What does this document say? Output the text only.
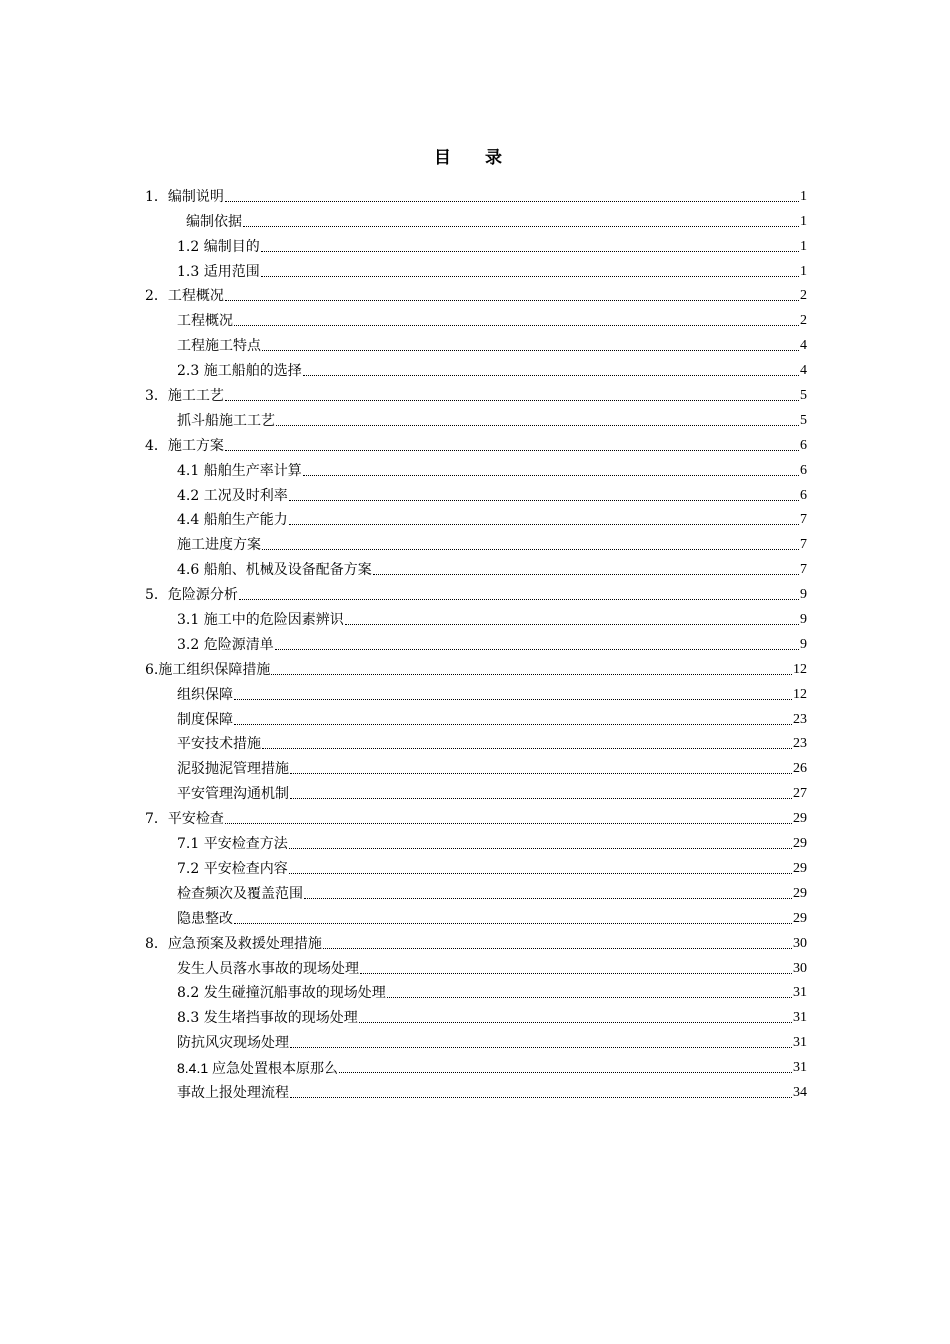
目 录
1．编制说明	1
编制依据	1
1.2 编制目的	1
1.3 适用范围	1
2．工程概况	2
工程概况	2
工程施工特点	4
2.3 施工船舶的选择	4
3．施工工艺	5
抓斗船施工工艺	5
4．施工方案	6
4.1 船舶生产率计算	6
4.2 工况及时利率	6
4.4 船舶生产能力	7
施工进度方案	7
4.6 船舶、机械及设备配备方案	7
5．危险源分析	9
3.1 施工中的危险因素辨识	9
3.2 危险源清单	9
6.施工组织保障措施	12
组织保障	12
制度保障	23
平安技术措施	23
泥驳抛泥管理措施	26
平安管理沟通机制	27
7．平安检查	29
7.1 平安检查方法	29
7.2 平安检查内容	29
检查频次及覆盖范围	29
隐患整改	29
8．应急预案及救援处理措施	30
发生人员落水事故的现场处理	30
8.2 发生碰撞沉船事故的现场处理	31
8.3 发生堵挡事故的现场处理	31
防抗风灾现场处理	31
8.4.1 应急处置根本原那么	31
事故上报处理流程	34
